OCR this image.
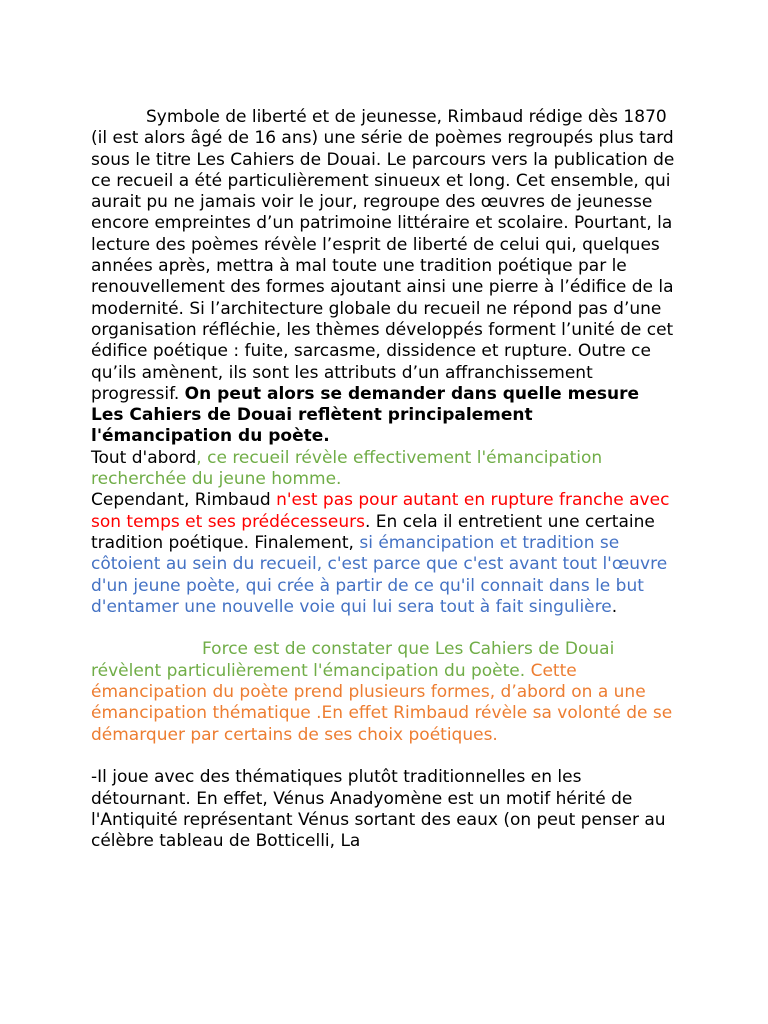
Symbole de liberté et de jeunesse, Rimbaud rédige dès 1870 (il est alors âgé de 16 ans) une série de poèmes regroupés plus tard sous le titre Les Cahiers de Douai. Le parcours vers la publication de ce recueil a été particulièrement sinueux et long. Cet ensemble, qui aurait pu ne jamais voir le jour, regroupe des œuvres de jeunesse encore empreintes d’un patrimoine littéraire et scolaire. Pourtant, la lecture des poèmes révèle l’esprit de liberté de celui qui, quelques années après, mettra à mal toute une tradition poétique par le renouvellement des formes ajoutant ainsi une pierre à l’édifice de la modernité. Si l’architecture globale du recueil ne répond pas d’une organisation réfléchie, les thèmes développés forment l’unité de cet édifice poétique : fuite, sarcasme, dissidence et rupture. Outre ce qu’ils amènent, ils sont les attributs d’un affranchissement progressif. On peut alors se demander dans quelle mesure Les Cahiers de Douai reflètent principalement l'émancipation du poète.

Tout d'abord, ce recueil révèle effectivement l'émancipation recherchée du jeune homme.

Cependant, Rimbaud n'est pas pour autant en rupture franche avec son temps et ses prédécesseurs. En cela il entretient une certaine tradition poétique. Finalement, si émancipation et tradition se côtoient au sein du recueil, c'est parce que c'est avant tout l'œuvre d'un jeune poète, qui crée à partir de ce qu'il connait dans le but d'entamer une nouvelle voie qui lui sera tout à fait singulière.

Force est de constater que Les Cahiers de Douai révèlent particulièrement l'émancipation du poète. Cette émancipation du poète prend plusieurs formes, d’abord on a une émancipation thématique .En effet Rimbaud révèle sa volonté de se démarquer par certains de ses choix poétiques.

-Il joue avec des thématiques plutôt traditionnelles en les détournant. En effet, Vénus Anadyomène est un motif hérité de l'Antiquité représentant Vénus sortant des eaux (on peut penser au célèbre tableau de Botticelli, La
